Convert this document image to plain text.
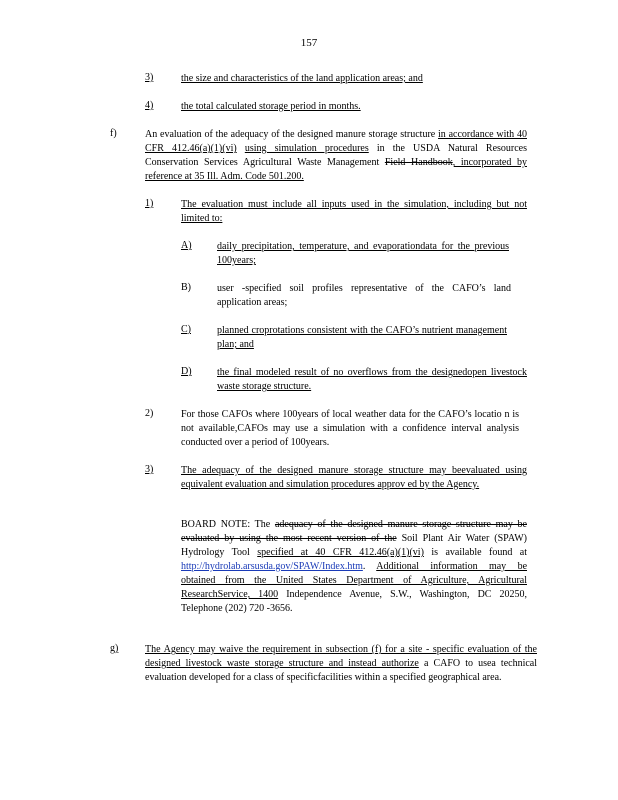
157
3)	the size and characteristics of the land application areas; and
4)	the total calculated storage period in months.
f)	An evaluation of the adequacy of the designed manure storage structure in accordance with 40 CFR 412.46(a)(1)(vi) using simulation procedures in the USDA Natural Resources Conservation Services Agricultural Waste Management Field Handbook, incorporated by reference at 35 Ill. Adm. Code 501.200.
1)	The evaluation must include all inputs used in the simulation, including but not limited to:
A)	daily precipitation, temperature, and evaporationdata for the previous 100years;
B)	user -specified soil profiles representative of the CAFO’s land application areas;
C)	planned croprotations consistent with the CAFO’s nutrient management plan; and
D)	the final modeled result of no overflows from the designedopen livestock waste storage structure.
2)	For those CAFOs where 100years of local weather data for the CAFO’s locatio n is not available,CAFOs may use a simulation with a confidence interval analysis conducted over a period of 100years.
3)	The adequacy of the designed manure storage structure may beevaluated using equivalent evaluation and simulation procedures approv ed by the Agency.
BOARD NOTE: The adequacy of the designed manure storage structure may be evaluated by using the most recent version of the Soil Plant Air Water (SPAW) Hydrology Tool specified at 40 CFR 412.46(a)(1)(vi) is available found at http://hydrolab.arsusda.gov/SPAW/Index.htm. Additional information may be obtained from the United States Department of Agriculture, Agricultural ResearchService, 1400 Independence Avenue, S.W., Washington, DC 20250, Telephone (202) 720 -3656.
g)	The Agency may waive the requirement in subsection (f) for a site - specific evaluation of the designed livestock waste storage structure and instead authorize a CAFO to usea technical evaluation developed for a class of specificfacilities within a specified geographical area.
